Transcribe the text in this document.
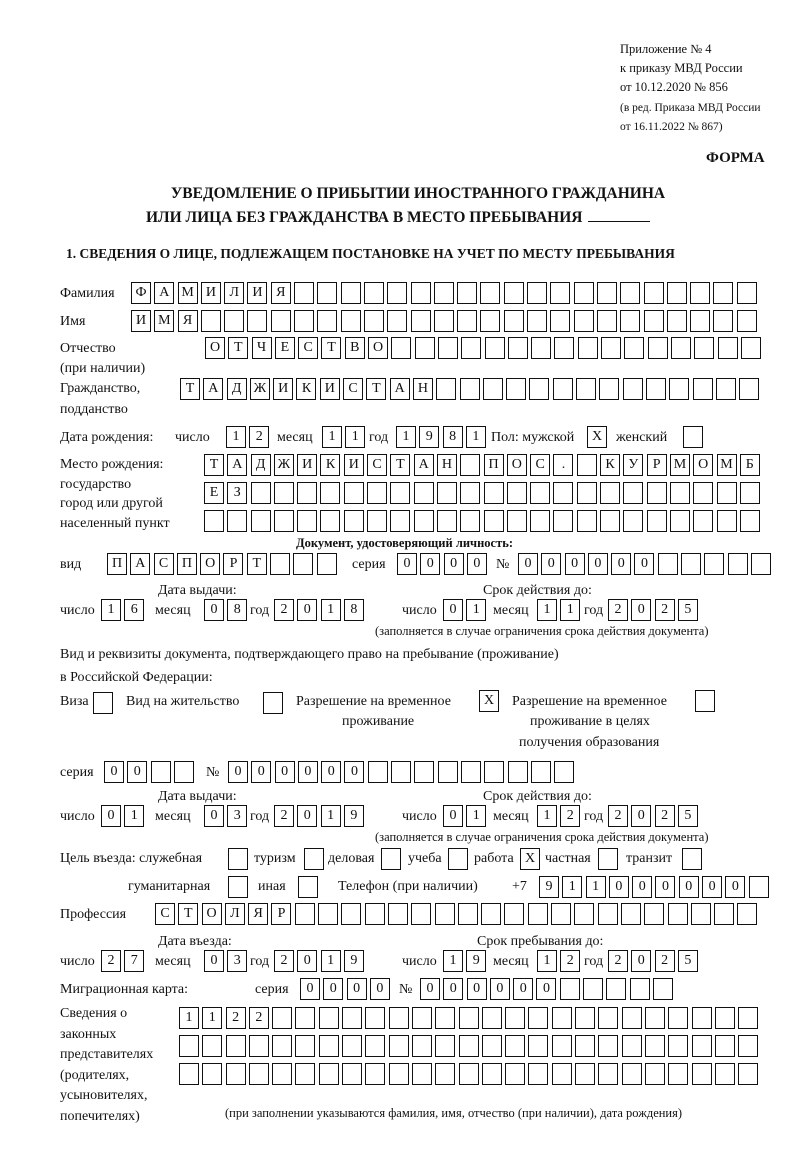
Приложение № 4
к приказу МВД России
от 10.12.2020 № 856
(в ред. Приказа МВД России
от 16.11.2022 № 867)
ФОРМА
УВЕДОМЛЕНИЕ О ПРИБЫТИИ ИНОСТРАННОГО ГРАЖДАНИНА
ИЛИ ЛИЦА БЕЗ ГРАЖДАНСТВА В МЕСТО ПРЕБЫВАНИЯ
1. СВЕДЕНИЯ О ЛИЦЕ, ПОДЛЕЖАЩЕМ ПОСТАНОВКЕ НА УЧЕТ ПО МЕСТУ ПРЕБЫВАНИЯ
Фамилия	Ф А М И Л И Я
Имя	И М Я
Отчество
(при наличии)
О Т	Ч	Е	С	Т	В О
Гражданство,
подданство
Т А Д Ж И К И С	Т А Н
Дата рождения: число	1	2	месяц	1	1 год	1	9	8	1 Пол: мужской	X женский
Место рождения:
государство
город или другой
населенный пункт
Т А Д Ж И К И С	Т А Н	П О С	.	К У	Р М О М Б
Е	З
Документ, удостоверяющий личность:
вид	П А С П О	Р	Т	серия	0	0	0	0	№	0	0	0	0	0	0
Дата выдачи:	Срок действия до:
число 1	6	месяц	0	8 год 2	0	1	8	число 0	1 месяц	1	1 год 2	0	2	5
(заполняется в случае ограничения срока действия документа)
Вид и реквизиты документа, подтверждающего право на пребывание (проживание)
в Российской Федерации:
Виза	Вид на жительство	Разрешение на временное
проживание
X	Разрешение на временное
проживание в целях
получения образования
серия	0	0	№	0	0	0	0	0	0
Дата выдачи:	Срок действия до:
число 0	1	месяц	0	3 год 2	0	1	9	число 0	1 месяц	1	2 год 2	0	2	5
(заполняется в случае ограничения срока действия документа)
Цель въезда: служебная	туризм деловая учеба работа X частная	транзит
гуманитарная	иная	Телефон (при наличии) +7	9	1	1	0	0	0	0	0	0
Профессия	С	Т О Л Я	Р
Дата въезда:	Срок пребывания до:
число 2	7	месяц	0	3 год 2	0	1	9	число 1	9 месяц	1	2 год 2	0	2	5
Миграционная карта:	серия	0	0	0	0	№	0	0	0	0	0	0
Сведения о
законных
представителях
(родителях,
усыновителях,
попечителях)
1	1	2	2
(при заполнении указываются фамилия, имя, отчество (при наличии), дата рождения)
